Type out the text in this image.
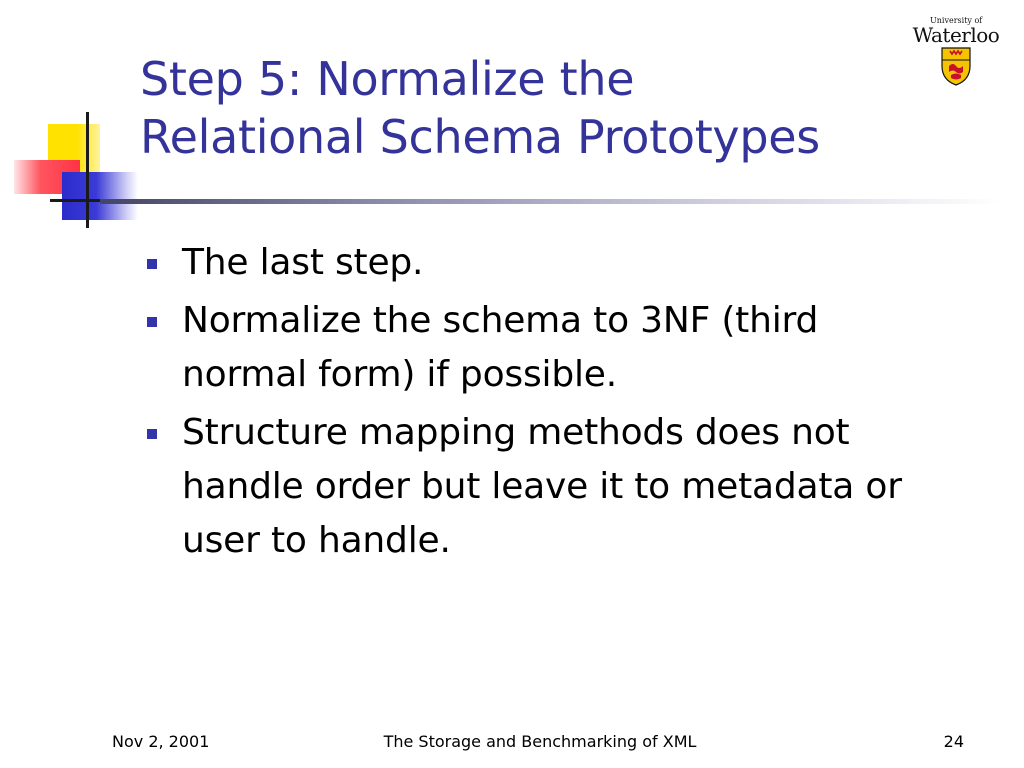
Step 5: Normalize the
Relational Schema Prototypes
University of
Waterloo
The last step.
Normalize the schema to 3NF (third
normal form) if possible.
Structure mapping methods does not
handle order but leave it to metadata or
user to handle.
Nov 2, 2001	The Storage and Benchmarking of XML	24
